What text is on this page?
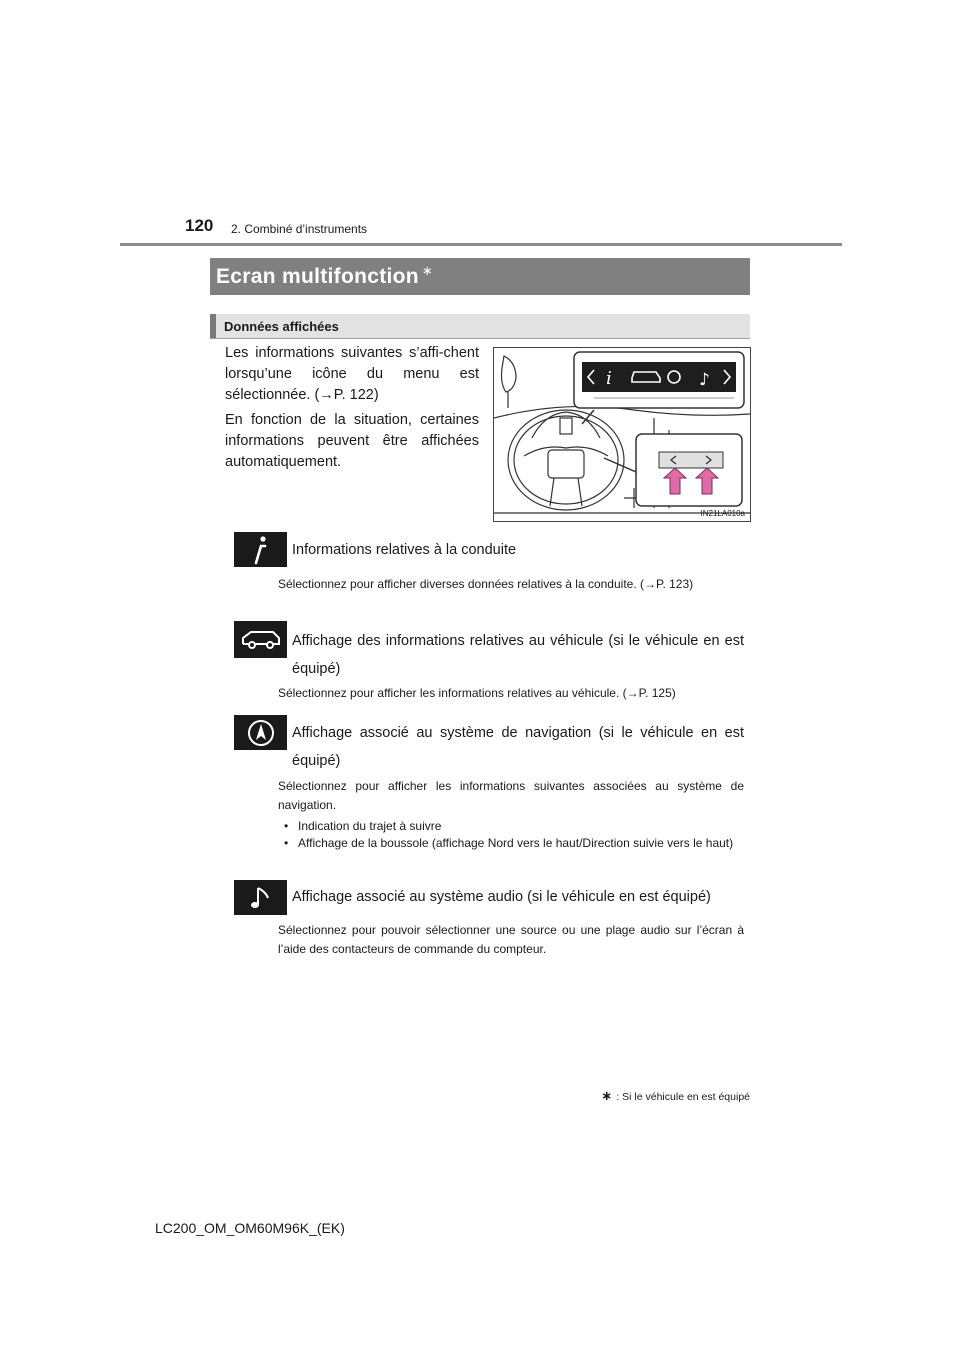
120 2. Combiné d’instruments
Ecran multifonction ∗
Données affichées
Les informations suivantes s’affi-chent lorsqu’une icône du menu est sélectionnée. (→P. 122)
En fonction de la situation, certaines informations peuvent être affichées automatiquement.
i	♪
IN21LA010a
Informations relatives à la conduite
Sélectionnez pour afficher diverses données relatives à la conduite. (→P. 123)
Affichage des informations relatives au véhicule (si le véhicule en est équipé)
Sélectionnez pour afficher les informations relatives au véhicule. (→P. 125)
Affichage associé au système de navigation (si le véhicule en est équipé)
Sélectionnez pour afficher les informations suivantes associées au système de navigation.
• Indication du trajet à suivre
• Affichage de la boussole (affichage Nord vers le haut/Direction suivie vers le haut)
Affichage associé au système audio (si le véhicule en est équipé)
Sélectionnez pour pouvoir sélectionner une source ou une plage audio sur l’écran à l’aide des contacteurs de commande du compteur.
∗ : Si le véhicule en est équipé
LC200_OM_OM60M96K_(EK)
